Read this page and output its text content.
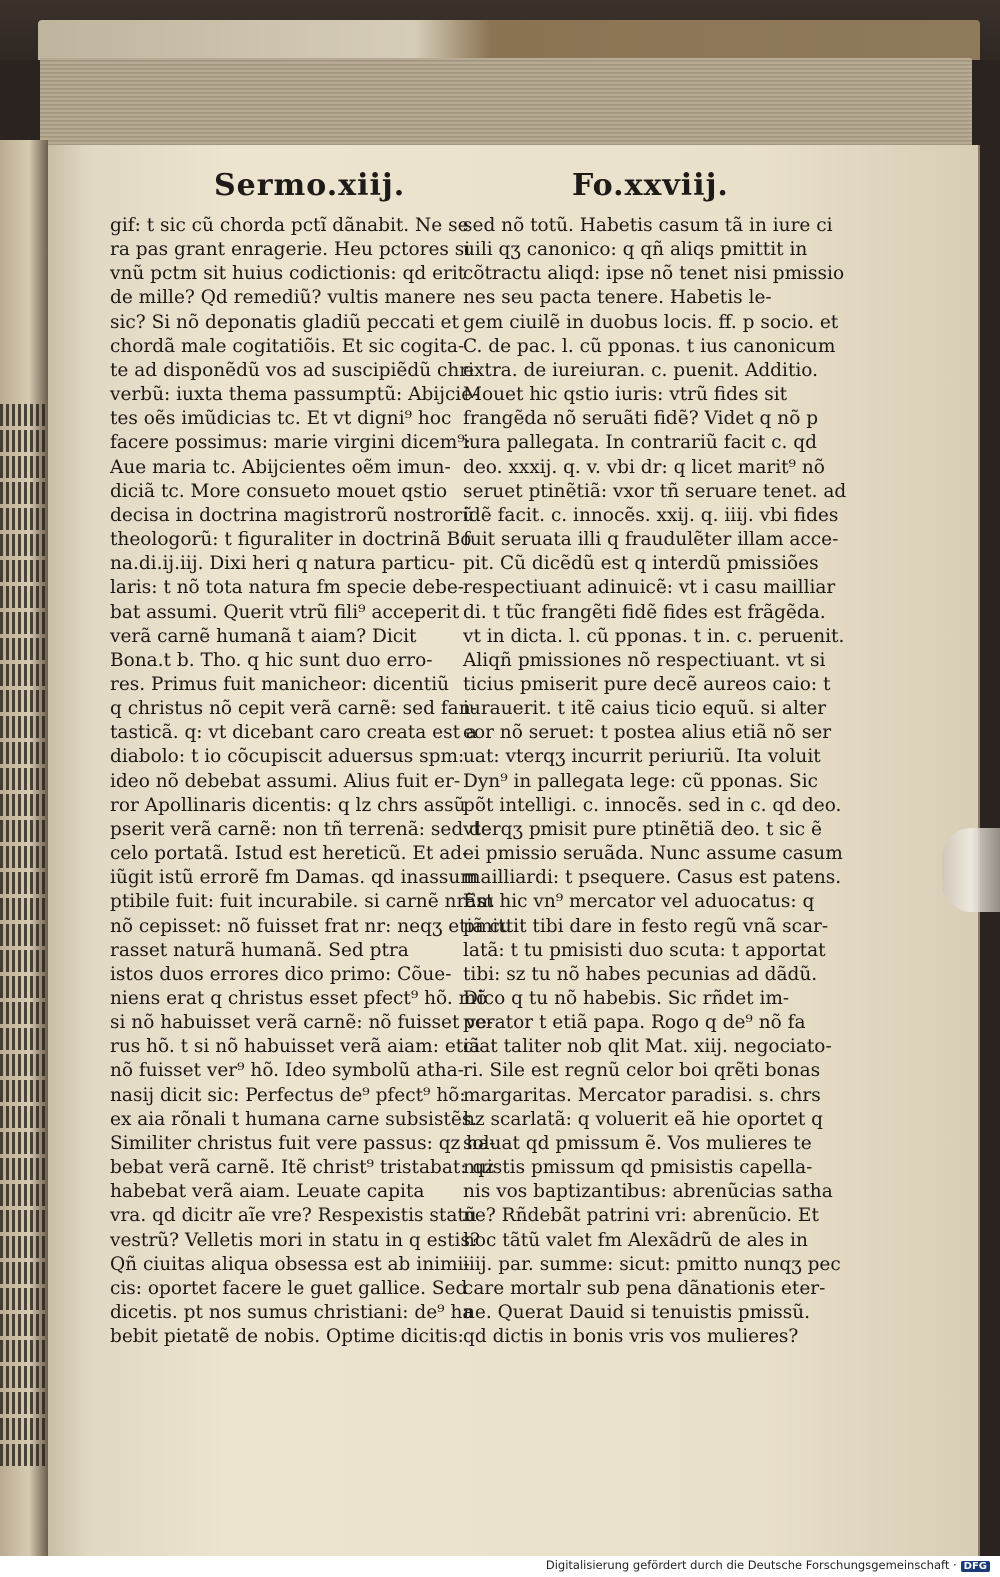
Sermo.xiij.	Fo.xxviij.
gif: t sic cũ chorda pctĩ dãnabit. Ne se
ra pas grant enragerie. Heu pctores si
vnũ pctm sit huius codictionis: qd erit
de mille? Qd remediũ? vultis manere
sic? Si nõ deponatis gladiũ peccati et
chordã male cogitatiõis. Et sic cogita-
te ad disponẽdũ vos ad suscipiẽdũ chri
verbũ: iuxta thema passumptũ: Abijcie-
tes oẽs imũdicias tc. Et vt digni⁹ hoc
facere possimus: marie virgini dicem⁹:
Aue maria tc. Abijcientes oẽm imun-
diciã tc. More consueto mouet qstio
decisa in doctrina magistrorũ nostrorũ
theologorũ: t figuraliter in doctrinã Bo
na.di.ij.iij. Dixi heri q natura particu-
laris: t nõ tota natura fm specie debe-
bat assumi. Querit vtrũ fili⁹ acceperit
verã carnẽ humanã t aiam? Dicit
Bona.t b. Tho. q hic sunt duo erro-
res. Primus fuit manicheor: dicentiũ
q christus nõ cepit verã carnẽ: sed fan-
tasticã. q: vt dicebant caro creata est a
diabolo: t io cõcupiscit aduersus spm:
ideo nõ debebat assumi. Alius fuit er-
ror Apollinaris dicentis: q lz chrs assũ
pserit verã carnẽ: non tñ terrenã: sed de
celo portatã. Istud est hereticũ. Et ad-
iũgit istũ errorẽ fm Damas. qd inassum
ptibile fuit: fuit incurabile. si carnẽ nrãm
nõ cepisset: nõ fuisset frat nr: neqʒ etiã cu
rasset naturã humanã. Sed ptra
istos duos errores dico primo: Cõue-
niens erat q christus esset pfect⁹ hõ. mõ
si nõ habuisset verã carnẽ: nõ fuisset ve-
rus hõ. t si nõ habuisset verã aiam: etiã
nõ fuisset ver⁹ hõ. Ideo symbolũ atha-
nasij dicit sic: Perfectus de⁹ pfect⁹ hõ:
ex aia rõnali t humana carne subsistẽs.
Similiter christus fuit vere passus: qz ha-
bebat verã carnẽ. Itẽ christ⁹ tristabat: qz
habebat verã aiam. Leuate capita
vra. qd dicitr aĩe vre? Respexistis statũ
vestrũ? Velletis mori in statu in q estis?
Qñ ciuitas aliqua obsessa est ab inimi-
cis: oportet facere le guet gallice. Sed
dicetis. pt nos sumus christiani: de⁹ ha
bebit pietatẽ de nobis. Optime dicitis:
sed nõ totũ. Habetis casum tã in iure ci
uili qʒ canonico: q qñ aliqs pmittit in
cõtractu aliqd: ipse nõ tenet nisi pmissio
nes seu pacta tenere. Habetis le-
gem ciuilẽ in duobus locis. ff. p socio. et
C. de pac. l. cũ pponas. t ius canonicum
extra. de iureiuran. c. puenit. Additio.
Mouet hic qstio iuris: vtrũ fides sit
frangẽda nõ seruãti fidẽ? Videt q nõ p
iura pallegata. In contrariũ facit c. qd
deo. xxxij. q. v. vbi dr: q licet marit⁹ nõ
seruet ptinẽtiã: vxor tñ seruare tenet. ad
idẽ facit. c. innocẽs. xxij. q. iiij. vbi fides
fuit seruata illi q fraudulẽter illam acce-
pit. Cũ dicẽdũ est q interdũ pmissiões
respectiuant adinuicẽ: vt i casu mailliar
di. t tũc frangẽti fidẽ fides est frãgẽda.
vt in dicta. l. cũ pponas. t in. c. peruenit.
Aliqñ pmissiones nõ respectiuant. vt si
ticius pmiserit pure decẽ aureos caio: t
iurauerit. t itẽ caius ticio equũ. si alter
eor nõ seruet: t postea alius etiã nõ ser
uat: vterqʒ incurrit periuriũ. Ita voluit
Dyn⁹ in pallegata lege: cũ pponas. Sic
põt intelligi. c. innocẽs. sed in c. qd deo.
vterqʒ pmisit pure ptinẽtiã deo. t sic ẽ
ei pmissio seruãda. Nunc assume casum
mailliardi: t psequere. Casus est patens.
Est hic vn⁹ mercator vel aduocatus: q
pmittit tibi dare in festo regũ vnã scar-
latã: t tu pmisisti duo scuta: t apportat
tibi: sz tu nõ habes pecunias ad dãdũ.
Dico q tu nõ habebis. Sic rñdet im-
perator t etiã papa. Rogo q de⁹ nõ fa
ciat taliter nob qlit Mat. xiij. negociato-
ri. Sile est regnũ celor boi qrẽti bonas
margaritas. Mercator paradisi. s. chrs
hz scarlatã: q voluerit eã hie oportet q
soluat qd pmissum ẽ. Vos mulieres te
nuistis pmissum qd pmisistis capella-
nis vos baptizantibus: abrenũcias satha
ne? Rñdebãt patrini vri: abrenũcio. Et
hoc tãtũ valet fm Alexãdrũ de ales in
iiij. par. summe: sicut: pmitto nunqʒ pec
care mortalr sub pena dãnationis eter-
ne. Querat Dauid si tenuistis pmissũ.
qd dictis in bonis vris vos mulieres?
Digitalisierung gefördert durch die Deutsche Forschungsgemeinschaft · DFG
